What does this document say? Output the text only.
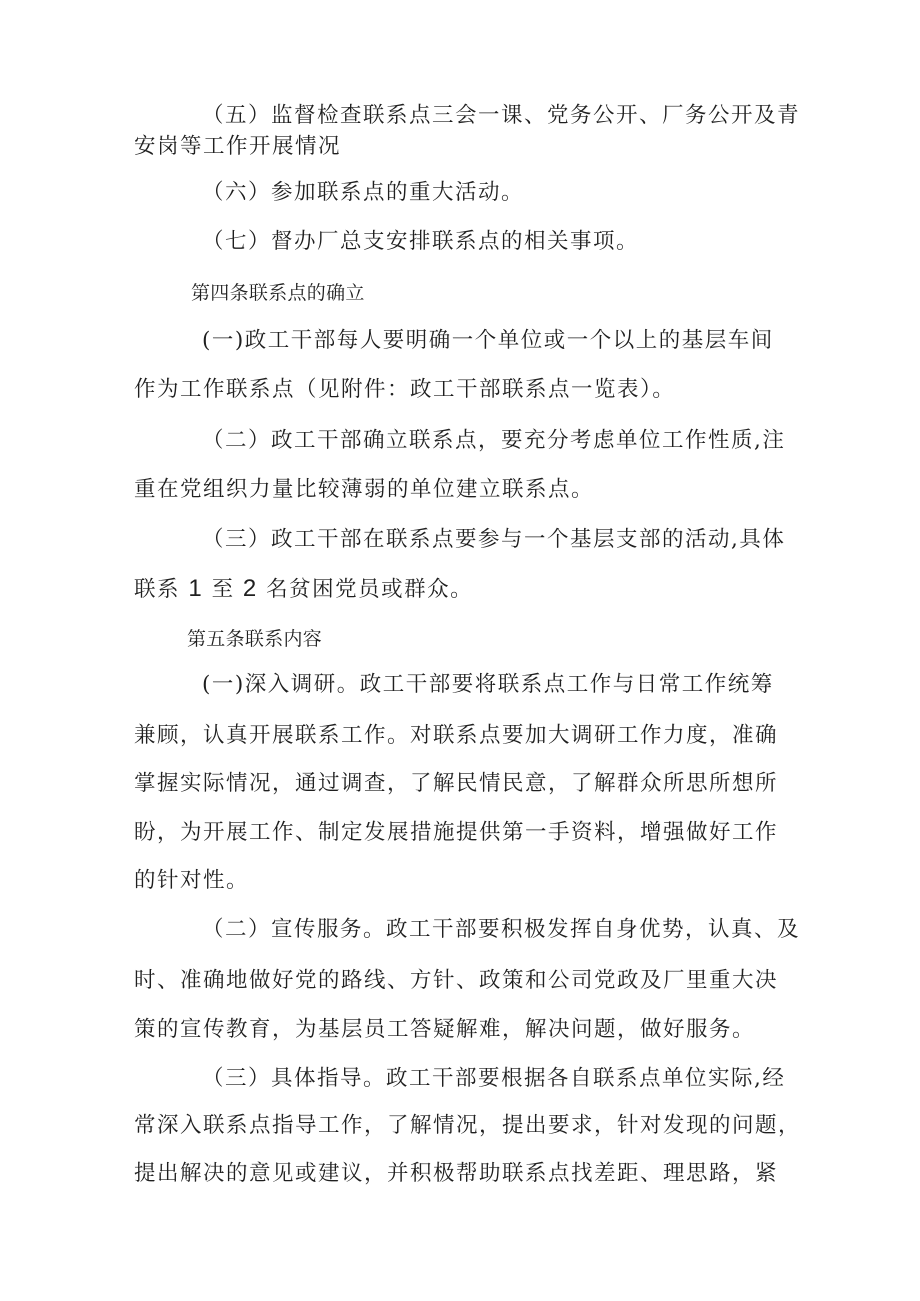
（五）监督检查联系点三会一课、党务公开、厂务公开及青
安岗等工作开展情况
（六）参加联系点的重大活动。
（七）督办厂总支安排联系点的相关事项。
第四条联系点的确立
(一)政工干部每人要明确一个单位或一个以上的基层车间
作为工作联系点（见附件：政工干部联系点一览表）。
（二）政工干部确立联系点，要充分考虑单位工作性质,注
重在党组织力量比较薄弱的单位建立联系点。
（三）政工干部在联系点要参与一个基层支部的活动,具体
联系 1 至 2 名贫困党员或群众。
第五条联系内容
(一)深入调研。政工干部要将联系点工作与日常工作统筹
兼顾，认真开展联系工作。对联系点要加大调研工作力度，准确
掌握实际情况，通过调查，了解民情民意，了解群众所思所想所
盼，为开展工作、制定发展措施提供第一手资料，增强做好工作
的针对性。
（二）宣传服务。政工干部要积极发挥自身优势，认真、及
时、准确地做好党的路线、方针、政策和公司党政及厂里重大决
策的宣传教育，为基层员工答疑解难，解决问题，做好服务。
（三）具体指导。政工干部要根据各自联系点单位实际,经
常深入联系点指导工作，了解情况，提出要求，针对发现的问题，
提出解决的意见或建议，并积极帮助联系点找差距、理思路，紧
